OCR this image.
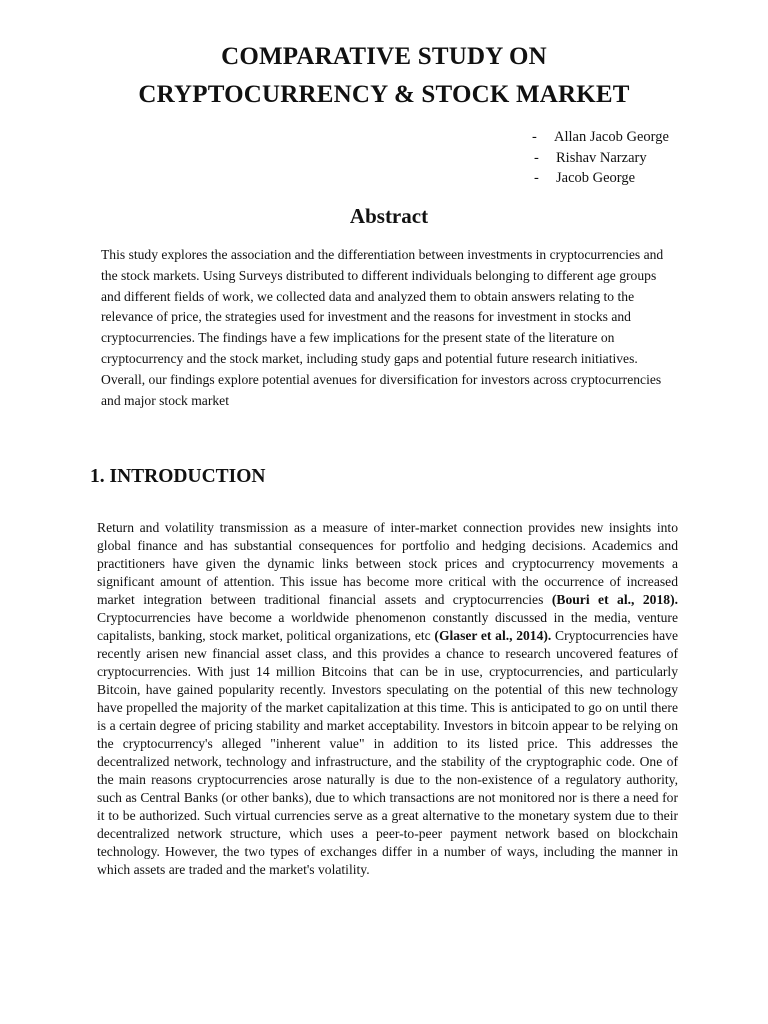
COMPARATIVE STUDY ON
CRYPTOCURRENCY & STOCK MARKET
-	Allan Jacob George
-	Rishav Narzary
-	Jacob George
Abstract

This study explores the association and the differentiation between investments in cryptocurrencies and the stock markets. Using Surveys distributed to different individuals belonging to different age groups and different fields of work, we collected data and analyzed them to obtain answers relating to the relevance of price, the strategies used for investment and the reasons for investment in stocks and cryptocurrencies. The findings have a few implications for the present state of the literature on cryptocurrency and the stock market, including study gaps and potential future research initiatives. Overall, our findings explore potential avenues for diversification for investors across cryptocurrencies and major stock market

1. INTRODUCTION

Return and volatility transmission as a measure of inter-market connection provides new insights into global finance and has substantial consequences for portfolio and hedging decisions. Academics and practitioners have given the dynamic links between stock prices and cryptocurrency movements a significant amount of attention. This issue has become more critical with the occurrence of increased market integration between traditional financial assets and cryptocurrencies (Bouri et al., 2018). Cryptocurrencies have become a worldwide phenomenon constantly discussed in the media, venture capitalists, banking, stock market, political organizations, etc (Glaser et al., 2014). Cryptocurrencies have recently arisen new financial asset class, and this provides a chance to research uncovered features of cryptocurrencies. With just 14 million Bitcoins that can be in use, cryptocurrencies, and particularly Bitcoin, have gained popularity recently. Investors speculating on the potential of this new technology have propelled the majority of the market capitalization at this time. This is anticipated to go on until there is a certain degree of pricing stability and market acceptability. Investors in bitcoin appear to be relying on the cryptocurrency's alleged "inherent value" in addition to its listed price. This addresses the decentralized network, technology and infrastructure, and the stability of the cryptographic code. One of the main reasons cryptocurrencies arose naturally is due to the non-existence of a regulatory authority, such as Central Banks (or other banks), due to which transactions are not monitored nor is there a need for it to be authorized. Such virtual currencies serve as a great alternative to the monetary system due to their decentralized network structure, which uses a peer-to-peer payment network based on blockchain technology. However, the two types of exchanges differ in a number of ways, including the manner in which assets are traded and the market's volatility.
